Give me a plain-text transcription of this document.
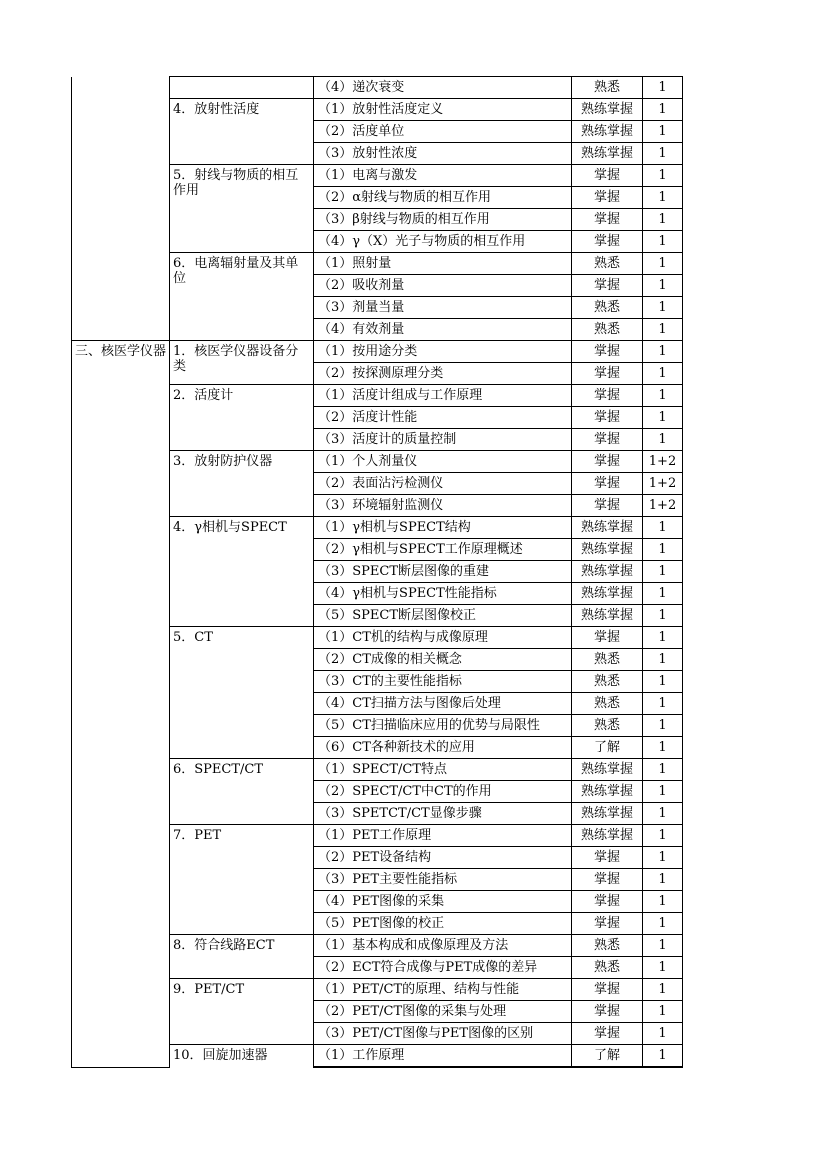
		（4）递次衰变	熟悉	1
	4．放射性活度	（1）放射性活度定义	熟练掌握	1
		（2）活度单位	熟练掌握	1
		（3）放射性浓度	熟练掌握	1
	5．射线与物质的相互作用	（1）电离与激发	掌握	1
		（2）α射线与物质的相互作用	掌握	1
		（3）β射线与物质的相互作用	掌握	1
		（4）γ（X）光子与物质的相互作用	掌握	1
	6．电离辐射量及其单位	（1）照射量	熟悉	1
		（2）吸收剂量	掌握	1
		（3）剂量当量	熟悉	1
		（4）有效剂量	熟悉	1
三、核医学仪器	1．核医学仪器设备分类	（1）按用途分类	掌握	1
		（2）按探测原理分类	掌握	1
	2．活度计	（1）活度计组成与工作原理	掌握	1
		（2）活度计性能	掌握	1
		（3）活度计的质量控制	掌握	1
	3．放射防护仪器	（1）个人剂量仪	掌握	1+2
		（2）表面沾污检测仪	掌握	1+2
		（3）环境辐射监测仪	掌握	1+2
	4．γ相机与SPECT	（1）γ相机与SPECT结构	熟练掌握	1
		（2）γ相机与SPECT工作原理概述	熟练掌握	1
		（3）SPECT断层图像的重建	熟练掌握	1
		（4）γ相机与SPECT性能指标	熟练掌握	1
		（5）SPECT断层图像校正	熟练掌握	1
	5．CT	（1）CT机的结构与成像原理	掌握	1
		（2）CT成像的相关概念	熟悉	1
		（3）CT的主要性能指标	熟悉	1
		（4）CT扫描方法与图像后处理	熟悉	1
		（5）CT扫描临床应用的优势与局限性	熟悉	1
		（6）CT各种新技术的应用	了解	1
	6．SPECT/CT	（1）SPECT/CT特点	熟练掌握	1
		（2）SPECT/CT中CT的作用	熟练掌握	1
		（3）SPETCT/CT显像步骤	熟练掌握	1
	7．PET	（1）PET工作原理	熟练掌握	1
		（2）PET设备结构	掌握	1
		（3）PET主要性能指标	掌握	1
		（4）PET图像的采集	掌握	1
		（5）PET图像的校正	掌握	1
	8．符合线路ECT	（1）基本构成和成像原理及方法	熟悉	1
		（2）ECT符合成像与PET成像的差异	熟悉	1
	9．PET/CT	（1）PET/CT的原理、结构与性能	掌握	1
		（2）PET/CT图像的采集与处理	掌握	1
		（3）PET/CT图像与PET图像的区别	掌握	1
	10．回旋加速器	（1）工作原理	了解	1
